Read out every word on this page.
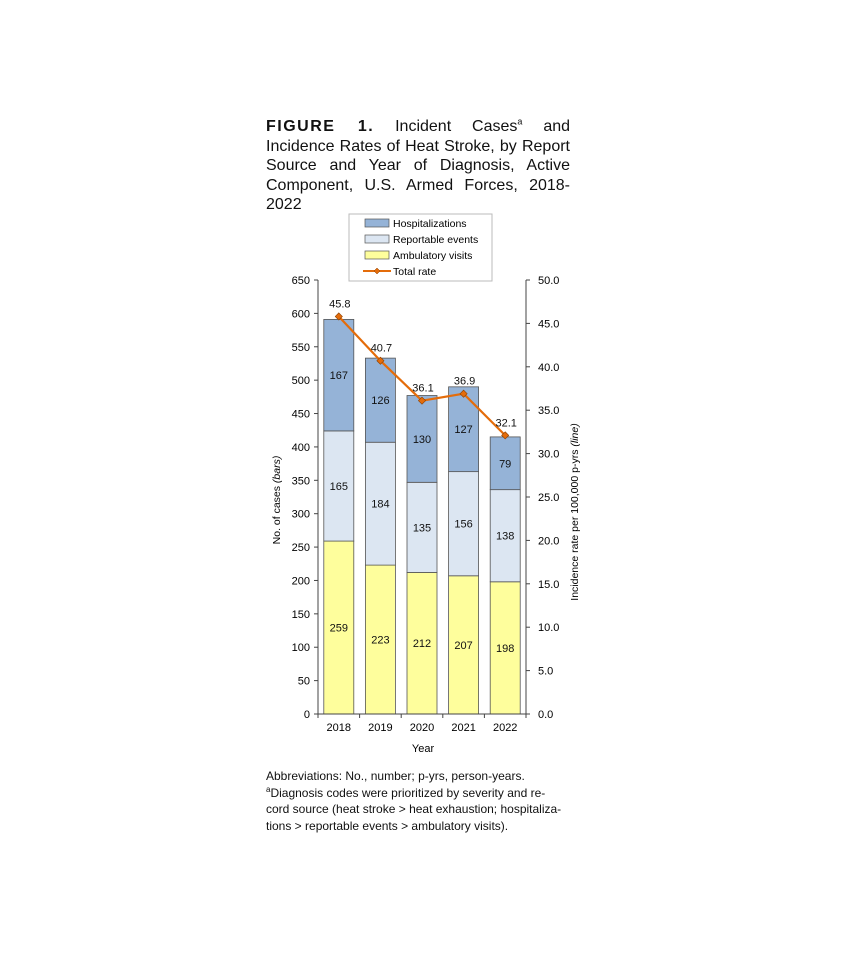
FIGURE 1. Incident Cases$^a$ and Incidence Rates of Heat Stroke, by Report Source and Year of Diagnosis, Active Component, U.S. Armed Forces, 2018-2022
0
50
100
150
200
250
300
350
400
450
500
550
600
650
0.0
5.0
10.0
15.0
20.0
25.0
30.0
35.0
40.0
45.0
50.0
2018 2019 2020 2021 2022
259
165
167
223
184
126
212
135
130
207
156
127
198
138
79
45.8
40.7
36.1
36.9
32.1
Hospitalizations
Reportable events
Ambulatory visits
Total rate
No. of cases (bars)	Incidence rate per 100,000 p-yrs (line)
Year
Abbreviations: No., number; p-yrs, person-years.
$^a$Diagnosis codes were prioritized by severity and re-
cord source (heat stroke > heat exhaustion; hospitaliza-
tions > reportable events > ambulatory visits).
